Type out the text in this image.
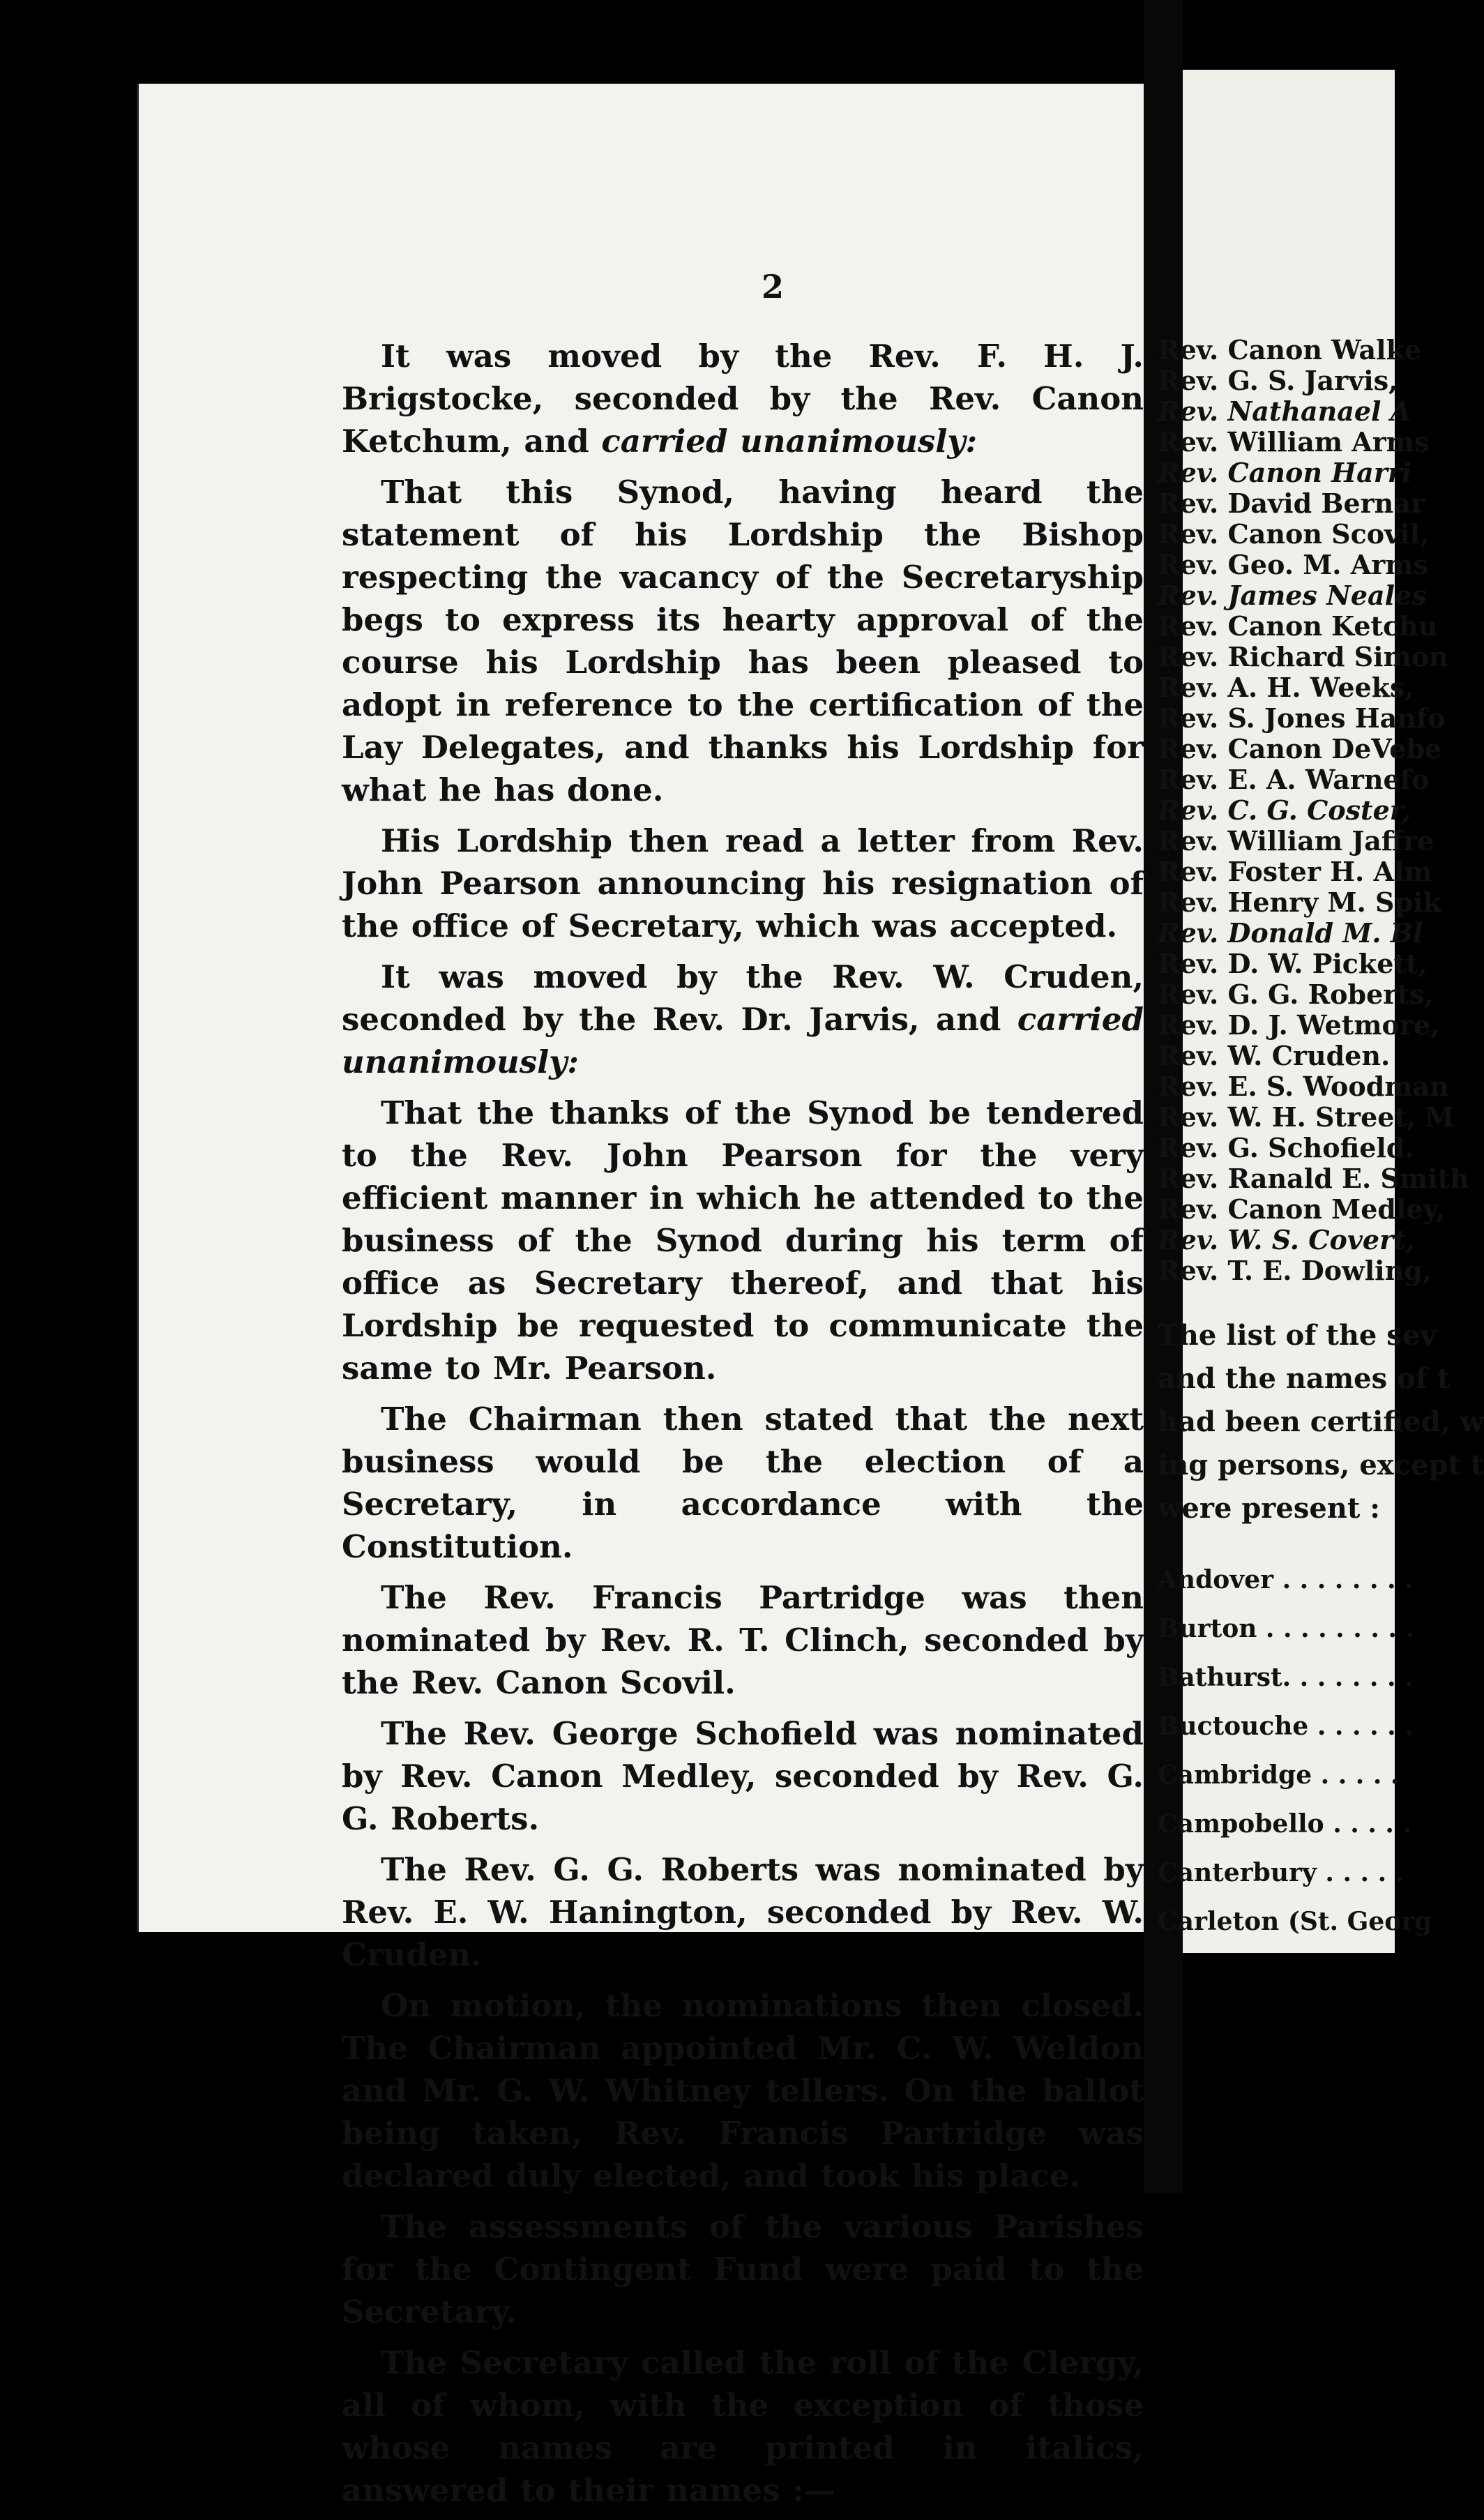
2

It was moved by the Rev. F. H. J. Brigstocke, seconded by the Rev. Canon Ketchum, and carried unanimously:

That this Synod, having heard the statement of his Lordship the Bishop respecting the vacancy of the Secretaryship begs to express its hearty approval of the course his Lordship has been pleased to adopt in reference to the certification of the Lay Delegates, and thanks his Lordship for what he has done.

His Lordship then read a letter from Rev. John Pearson announcing his resignation of the office of Secretary, which was accepted.

It was moved by the Rev. W. Cruden, seconded by the Rev. Dr. Jarvis, and carried unanimously:

That the thanks of the Synod be tendered to the Rev. John Pearson for the very efficient manner in which he attended to the business of the Synod during his term of office as Secretary thereof, and that his Lordship be requested to communicate the same to Mr. Pearson.

The Chairman then stated that the next business would be the election of a Secretary, in accordance with the Constitution.

The Rev. Francis Partridge was then nominated by Rev. R. T. Clinch, seconded by the Rev. Canon Scovil.

The Rev. George Schofield was nominated by Rev. Canon Medley, seconded by Rev. G. G. Roberts.

The Rev. G. G. Roberts was nominated by Rev. E. W. Hanington, seconded by Rev. W. Cruden.

On motion, the nominations then closed. The Chairman appointed Mr. C. W. Weldon and Mr. G. W. Whitney tellers. On the ballot being taken, Rev. Francis Partridge was declared duly elected, and took his place.

The assessments of the various Parishes for the Contingent Fund were paid to the Secretary.

The Secretary called the roll of the Clergy, all of whom, with the exception of those whose names are printed in italics, answered to their names :—

Rev. Canon Walke
Rev. G. S. Jarvis,
Rev. Nathanael A
Rev. William Arms
Rev. Canon Harri
Rev. David Bernar
Rev. Canon Scovil,
Rev. Geo. M. Arms
Rev. James Neales
Rev. Canon Ketchu
Rev. Richard Simon
Rev. A. H. Weeks,
Rev. S. Jones Hanfo
Rev. Canon DeVebe
Rev. E. A. Warnefo
Rev. C. G. Coster,
Rev. William Jaffre
Rev. Foster H. Alm
Rev. Henry M. Spik
Rev. Donald M. Bl
Rev. D. W. Pickett,
Rev. G. G. Roberts,
Rev. D. J. Wetmore,
Rev. W. Cruden.
Rev. E. S. Woodman
Rev. W. H. Street, M
Rev. G. Schofield.
Rev. Ranald E. Smith
Rev. Canon Medley,
Rev. W. S. Covert,
Rev. T. E. Dowling,
The list of the sev
and the names of t
had been certified, w
ing persons, except t
were present :
Andover . . . . . . . .
Burton . . . . . . . . .
Bathurst. . . . . . . .
Buctouche . . . . . .
Cambridge . . . . .
Campobello . . . . .
Canterbury . . . . .
Carleton (St. Georg
